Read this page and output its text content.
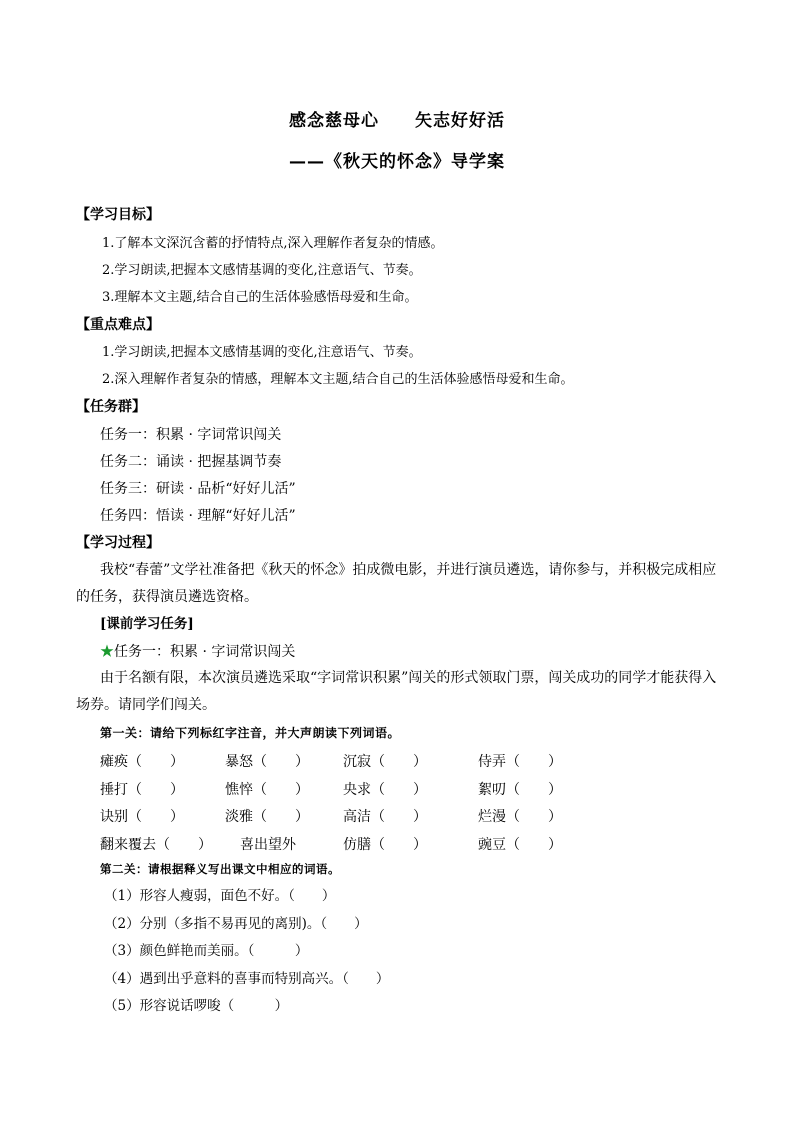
感念慈母心　　矢志好好活
——《秋天的怀念》导学案
【学习目标】
1.了解本文深沉含蓄的抒情特点,深入理解作者复杂的情感。
2.学习朗读,把握本文感情基调的变化,注意语气、节奏。
3.理解本文主题,结合自己的生活体验感悟母爱和生命。
【重点难点】
1.学习朗读,把握本文感情基调的变化,注意语气、节奏。
2.深入理解作者复杂的情感，理解本文主题,结合自己的生活体验感悟母爱和生命。
【任务群】
任务一：积累 · 字词常识闯关
任务二：诵读 · 把握基调节奏
任务三：研读 · 品析“好好儿活”
任务四：悟读 · 理解“好好儿活”
【学习过程】
我校“春蕾”文学社准备把《秋天的怀念》拍成微电影，并进行演员遴选，请你参与，并积极完成相应的任务，获得演员遴选资格。
[课前学习任务]
★任务一：积累 · 字词常识闯关
由于名额有限，本次演员遴选采取“字词常识积累”闯关的形式领取门票，闯关成功的同学才能获得入场券。请同学们闯关。
第一关：请给下列标红字注音，并大声朗读下列词语。
瘫痪（　　）	暴怒（　　） 沉寂（　　）	侍弄（　　）
捶打（　　）	憔悴（　　） 央求（　　）	絮叨（　　）
诀别（　　）	淡雅（　　） 高洁（　　）	烂漫（　　）
翻来覆去（　　） 喜出望外	仿膳（　　）	豌豆（　　）
第二关：请根据释义写出课文中相应的词语。
（1）形容人瘦弱，面色不好。（　　）
（2）分别（多指不易再见的离别)。（　　）
（3）颜色鲜艳而美丽。（　　　）
（4）遇到出乎意料的喜事而特别高兴。（　　）
（5）形容说话啰唆（　　　）
